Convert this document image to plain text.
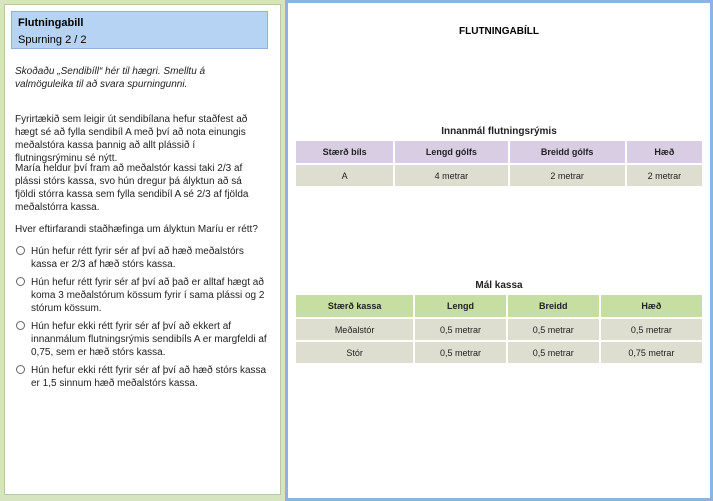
Flutningabill
Spurning 2 / 2
Skoðaðu „Sendibíll“ hér til hægri. Smelltu á valmöguleika til að svara spurningunni.
Fyrirtækið sem leigir út sendibílana hefur staðfest að hægt sé að fylla sendibíl A með því að nota einungis meðalstóra kassa þannig að allt plássið í flutningsrýminu sé nýtt.
María heldur því fram að meðalstór kassi taki 2/3 af plássi stórs kassa, svo hún dregur þá ályktun að sá fjöldi stórra kassa sem fylla sendibíl A sé 2/3 af fjölda meðalstórra kassa.
Hver eftirfarandi staðhæfinga um ályktun Maríu er rétt?
Hún hefur rétt fyrir sér af því að hæð meðalstórs kassa er 2/3 af hæð stórs kassa.
Hún hefur rétt fyrir sér af því að það er alltaf hægt að koma 3 meðalstórum kössum fyrir í sama plássi og 2 stórum kössum.
Hún hefur ekki rétt fyrir sér af því að ekkert af innanmálum flutningsrýmis sendibíls A er margfeldi af 0,75, sem er hæð stórs kassa.
Hún hefur ekki rétt fyrir sér af því að hæð stórs kassa er 1,5 sinnum hæð meðalstórs kassa.
FLUTNINGABÍLL
Innanmál flutningsrýmis
Stærð bíls	Lengd gólfs	Breidd gólfs	Hæð
A	4 metrar	2 metrar	2 metrar
Mál kassa
Stærð kassa	Lengd	Breidd	Hæð
Meðalstór	0,5 metrar	0,5 metrar	0,5 metrar
Stór	0,5 metrar	0,5 metrar	0,75 metrar
